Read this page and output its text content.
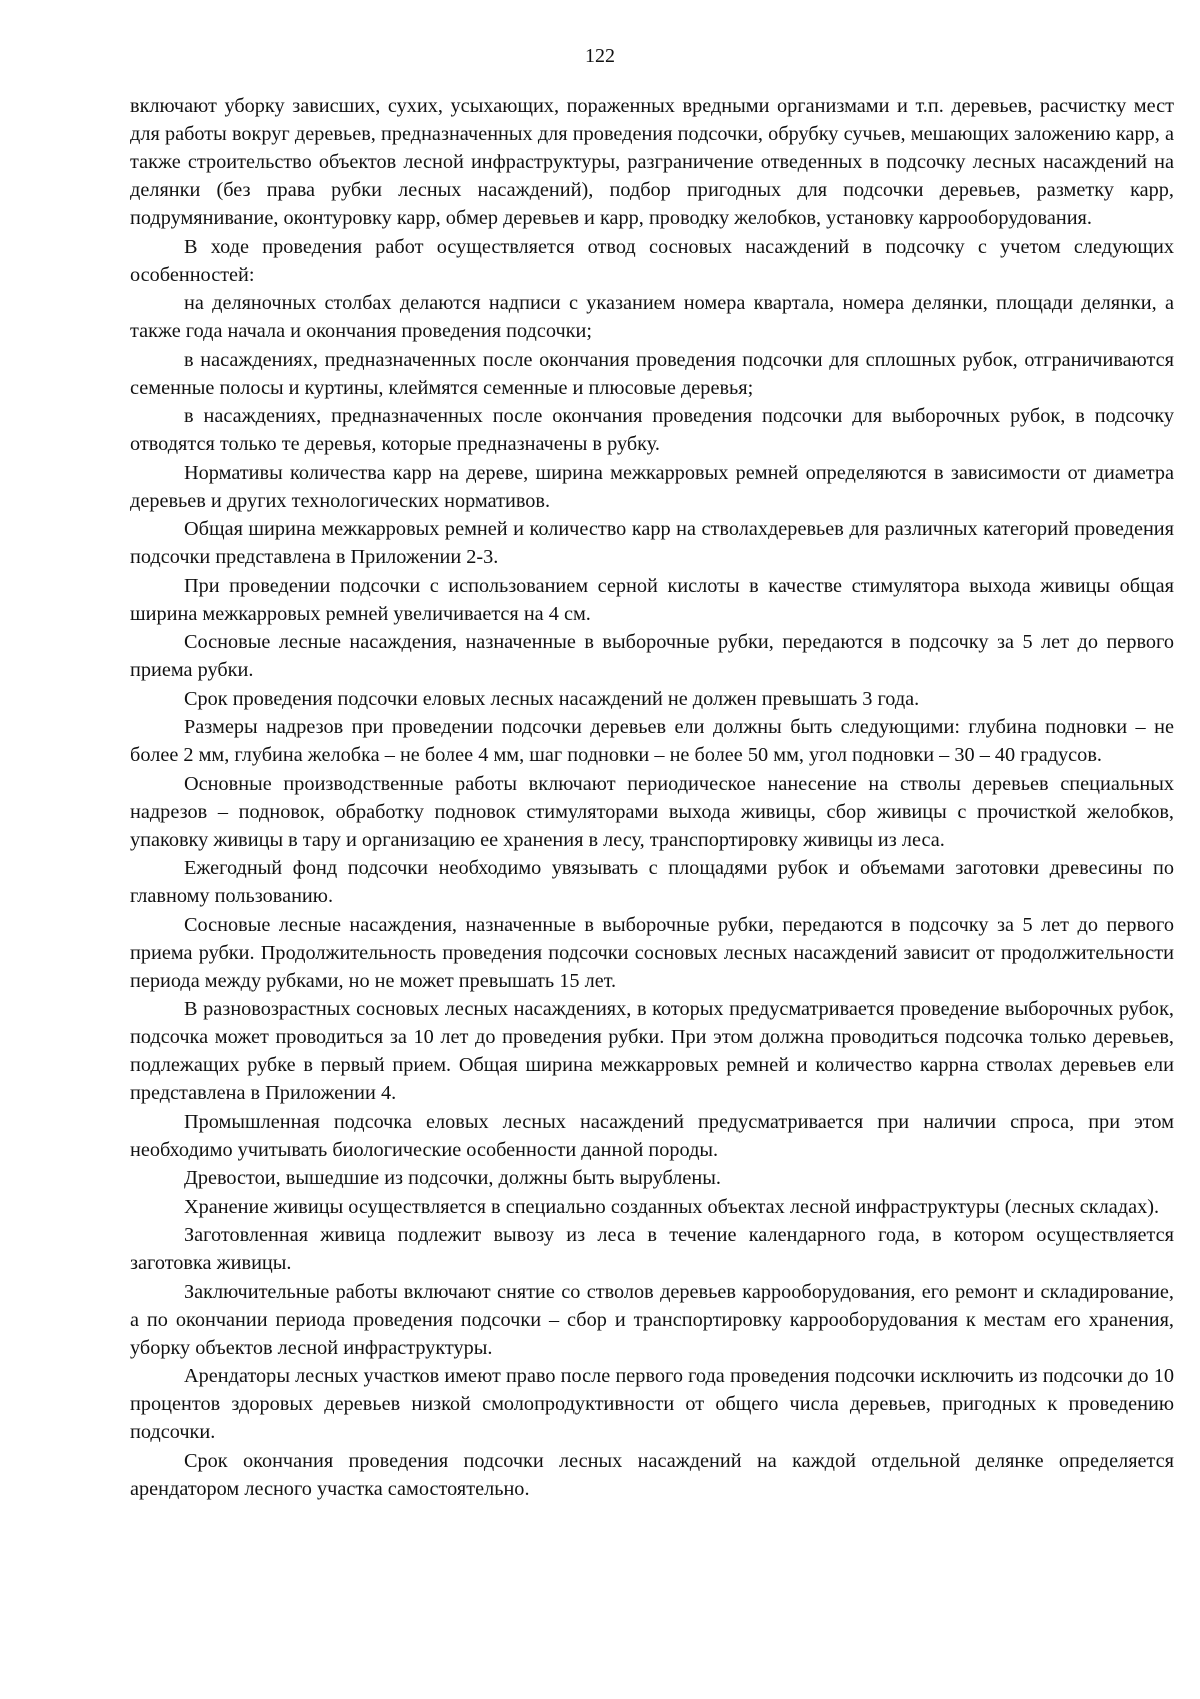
122

включают уборку зависших, сухих, усыхающих, пораженных вредными организмами и т.п. деревьев, расчистку мест для работы вокруг деревьев, предназначенных для проведения подсочки, обрубку сучьев, мешающих заложению карр, а также строительство объектов лесной инфраструктуры, разграничение отведенных в подсочку лесных насаждений на делянки (без права рубки лесных насаждений), подбор пригодных для подсочки деревьев, разметку карр, подрумянивание, оконтуровку карр, обмер деревьев и карр, проводку желобков, установку каррооборудования.

В ходе проведения работ осуществляется отвод сосновых насаждений в подсочку с учетом следующих особенностей:

на деляночных столбах делаются надписи с указанием номера квартала, номера делянки, площади делянки, а также года начала и окончания проведения подсочки;

в насаждениях, предназначенных после окончания проведения подсочки для сплошных рубок, отграничиваются семенные полосы и куртины, клеймятся семенные и плюсовые деревья;

в насаждениях, предназначенных после окончания проведения подсочки для выборочных рубок, в подсочку отводятся только те деревья, которые предназначены в рубку.

Нормативы количества карр на дереве, ширина межкарровых ремней определяются в зависимости от диаметра деревьев и других технологических нормативов.

Общая ширина межкарровых ремней и количество карр на стволахдеревьев для различных категорий проведения подсочки представлена в Приложении 2-3.

При проведении подсочки с использованием серной кислоты в качестве стимулятора выхода живицы общая ширина межкарровых ремней увеличивается на 4 см.

Сосновые лесные насаждения, назначенные в выборочные рубки, передаются в подсочку за 5 лет до первого приема рубки.

Срок проведения подсочки еловых лесных насаждений не должен превышать 3 года.

Размеры надрезов при проведении подсочки деревьев ели должны быть следующими: глубина подновки – не более 2 мм, глубина желобка – не более 4 мм, шаг подновки – не более 50 мм, угол подновки – 30 – 40 градусов.

Основные производственные работы включают периодическое нанесение на стволы деревьев специальных надрезов – подновок, обработку подновок стимуляторами выхода живицы, сбор живицы с прочисткой желобков, упаковку живицы в тару и организацию ее хранения в лесу, транспортировку живицы из леса.

Ежегодный фонд подсочки необходимо увязывать с площадями рубок и объемами заготовки древесины по главному пользованию.

Сосновые лесные насаждения, назначенные в выборочные рубки, передаются в подсочку за 5 лет до первого приема рубки. Продолжительность проведения подсочки сосновых лесных насаждений зависит от продолжительности периода между рубками, но не может превышать 15 лет.

В разновозрастных сосновых лесных насаждениях, в которых предусматривается проведение выборочных рубок, подсочка может проводиться за 10 лет до проведения рубки. При этом должна проводиться подсочка только деревьев, подлежащих рубке в первый прием. Общая ширина межкарровых ремней и количество каррна стволах деревьев ели представлена в Приложении 4.

Промышленная подсочка еловых лесных насаждений предусматривается при наличии спроса, при этом необходимо учитывать биологические особенности данной породы.

Древостои, вышедшие из подсочки, должны быть вырублены.

Хранение живицы осуществляется в специально созданных объектах лесной инфраструктуры (лесных складах).

Заготовленная живица подлежит вывозу из леса в течение календарного года, в котором осуществляется заготовка живицы.

Заключительные работы включают снятие со стволов деревьев каррооборудования, его ремонт и складирование, а по окончании периода проведения подсочки – сбор и транспортировку каррооборудования к местам его хранения, уборку объектов лесной инфраструктуры.

Арендаторы лесных участков имеют право после первого года проведения подсочки исключить из подсочки до 10 процентов здоровых деревьев низкой смолопродуктивности от общего числа деревьев, пригодных к проведению подсочки.

Срок окончания проведения подсочки лесных насаждений на каждой отдельной делянке определяется арендатором лесного участка самостоятельно.
